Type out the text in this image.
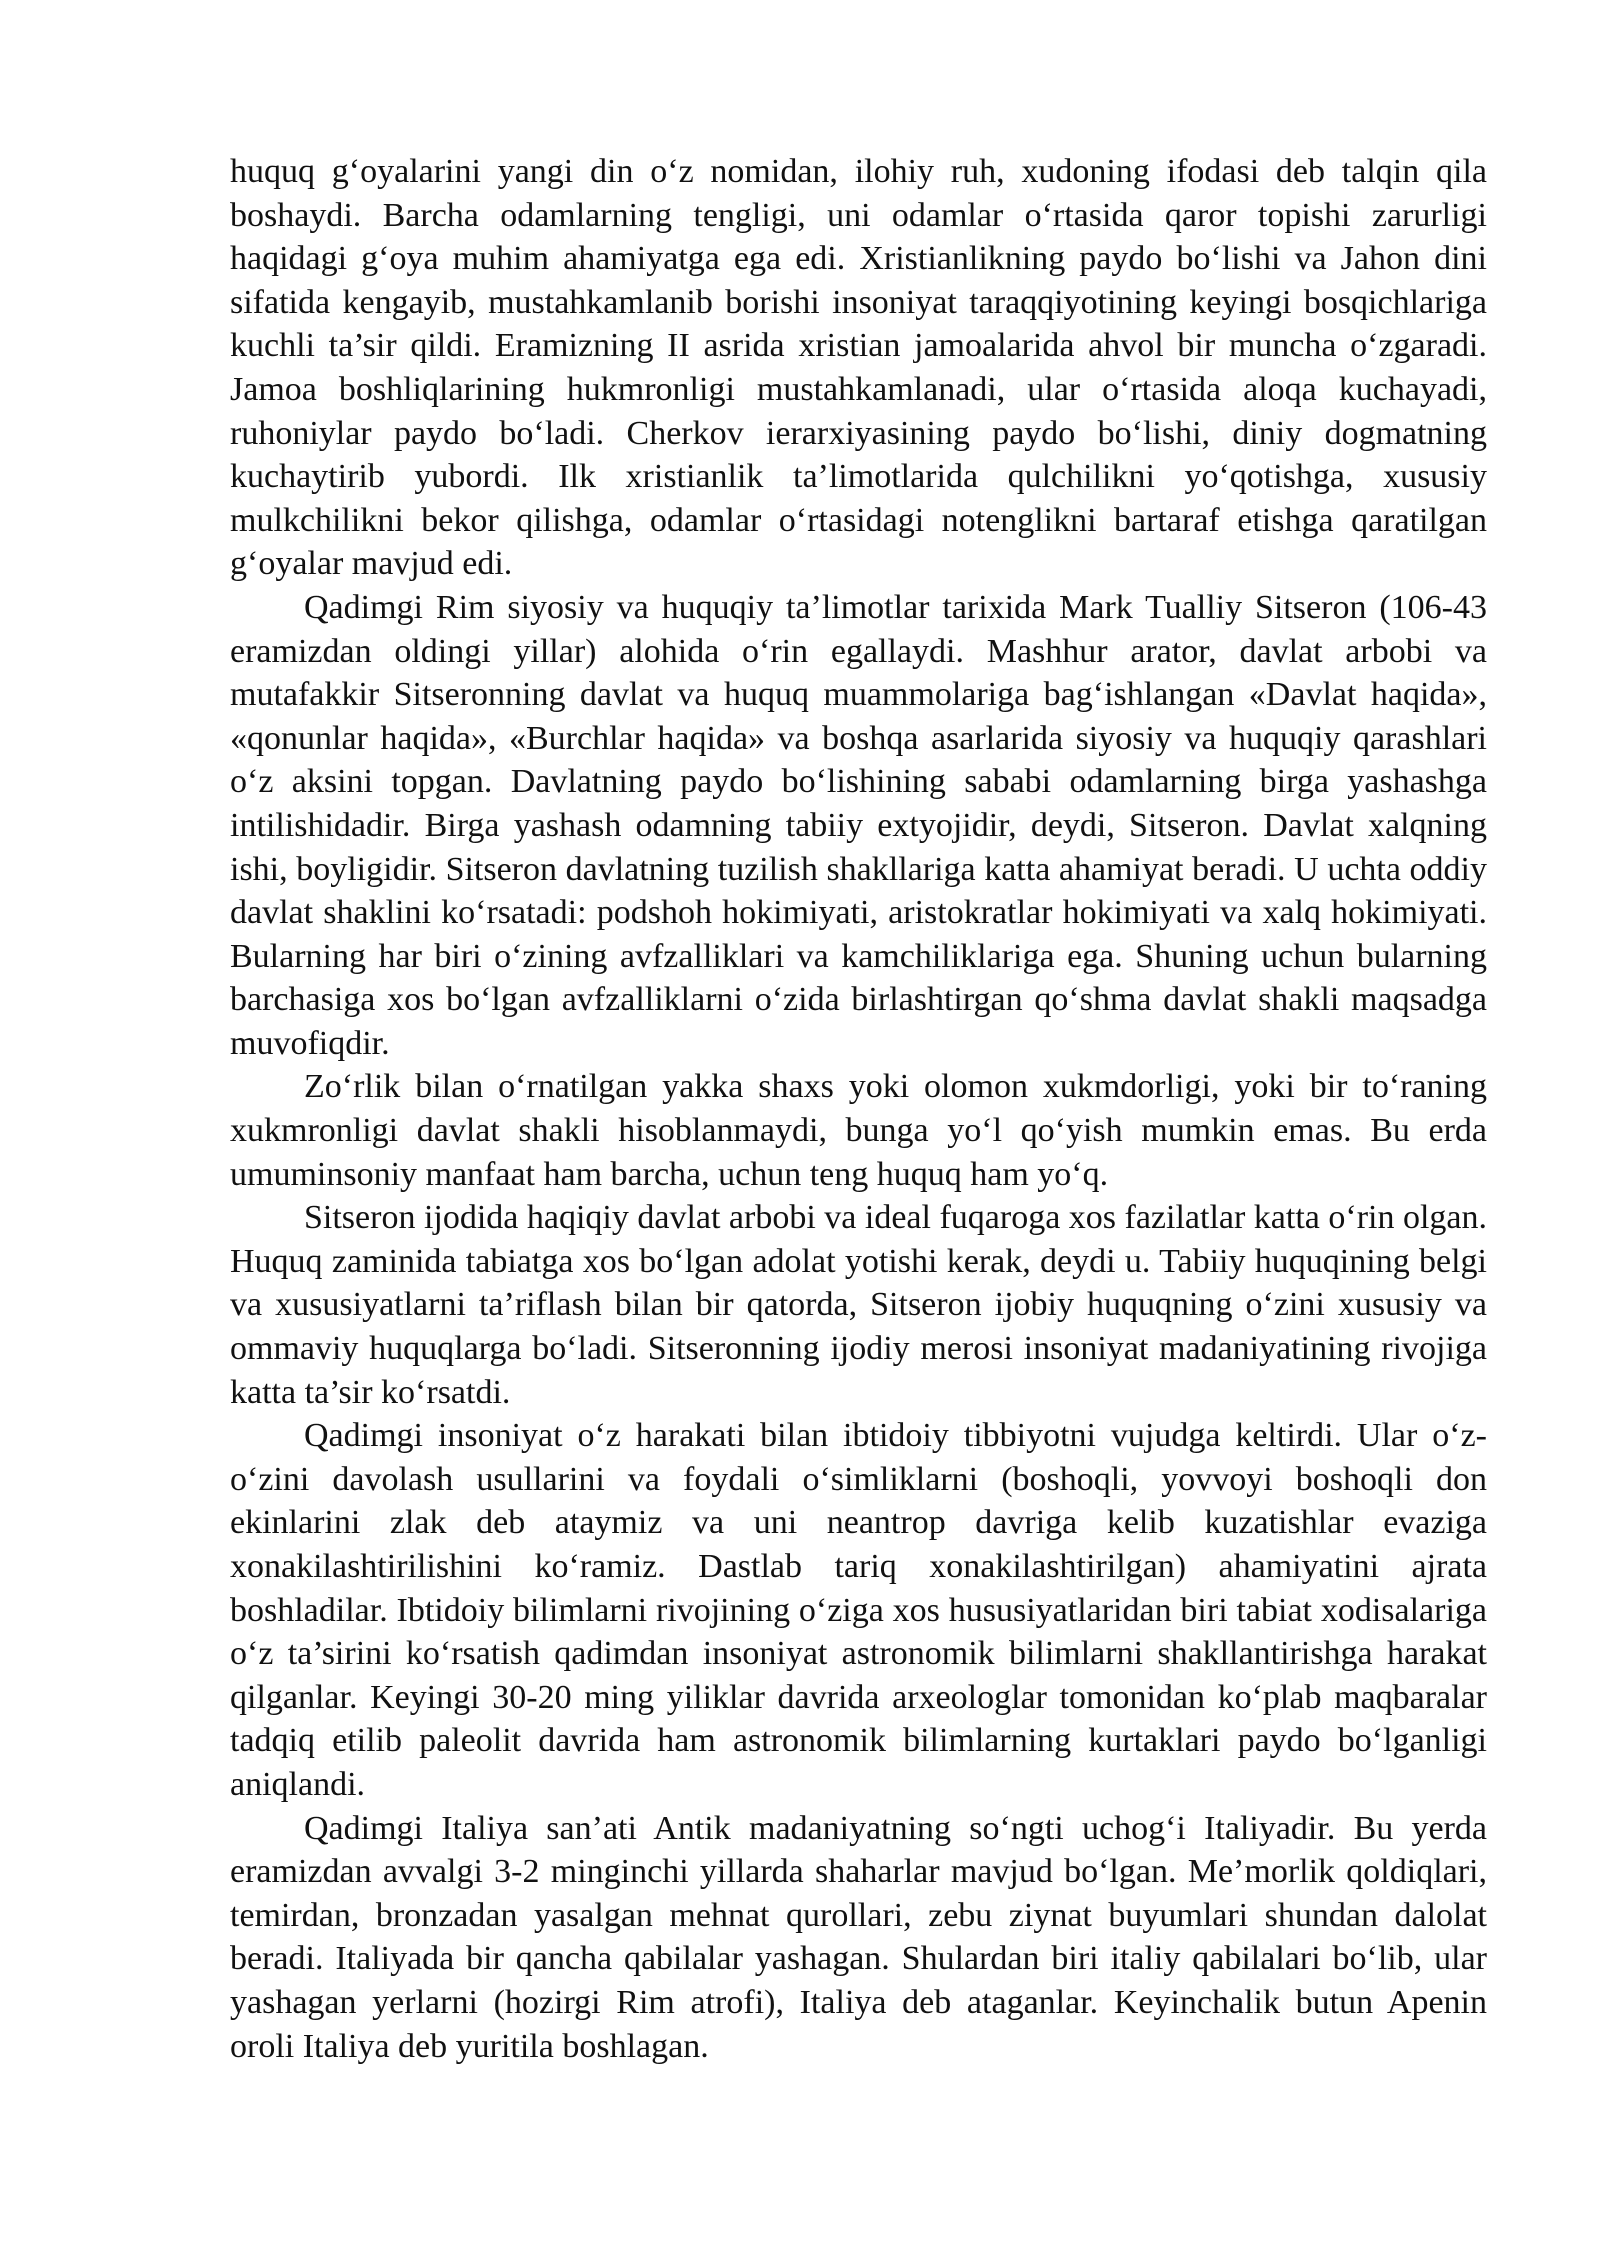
huquq g‘oyalarini yangi din o‘z nomidan, ilohiy ruh, xudoning ifodasi deb talqin qila boshaydi. Barcha odamlarning tengligi, uni odamlar o‘rtasida qaror topishi zarurligi haqidagi g‘oya muhim ahamiyatga ega edi. Xristianlikning paydo bo‘lishi va Jahon dini sifatida kengayib, mustahkamlanib borishi insoniyat taraqqiyotining keyingi bosqichlariga kuchli ta’sir qildi. Eramizning II asrida xristian jamoalarida ahvol bir muncha o‘zgaradi. Jamoa boshliqlarining hukmronligi mustahkamlanadi, ular o‘rtasida aloqa kuchayadi, ruhoniylar paydo bo‘ladi. Cherkov ierarxiyasining paydo bo‘lishi, diniy dogmatning kuchaytirib yubordi. Ilk xristianlik ta’limotlarida qulchilikni yo‘qotishga, xususiy mulkchilikni bekor qilishga, odamlar o‘rtasidagi notenglikni bartaraf etishga qaratilgan g‘oyalar mavjud edi.

Qadimgi Rim siyosiy va huquqiy ta’limotlar tarixida Mark Tualliy Sitseron (106-43 eramizdan oldingi yillar) alohida o‘rin egallaydi. Mashhur arator, davlat arbobi va mutafakkir Sitseronning davlat va huquq muammolariga bag‘ishlangan «Davlat haqida», «qonunlar haqida», «Burchlar haqida» va boshqa asarlarida siyosiy va huquqiy qarashlari o‘z aksini topgan. Davlatning paydo bo‘lishining sababi odamlarning birga yashashga intilishidadir. Birga yashash odamning tabiiy extyojidir, deydi, Sitseron. Davlat xalqning ishi, boyligidir. Sitseron davlatning tuzilish shakllariga katta ahamiyat beradi. U uchta oddiy davlat shaklini ko‘rsatadi: podshoh hokimiyati, aristokratlar hokimiyati va xalq hokimiyati. Bularning har biri o‘zining avfzalliklari va kamchiliklariga ega. Shuning uchun bularning barchasiga xos bo‘lgan avfzalliklarni o‘zida birlashtirgan qo‘shma davlat shakli maqsadga muvofiqdir.

Zo‘rlik bilan o‘rnatilgan yakka shaxs yoki olomon xukmdorligi, yoki bir to‘raning xukmronligi davlat shakli hisoblanmaydi, bunga yo‘l qo‘yish mumkin emas. Bu erda umuminsoniy manfaat ham barcha, uchun teng huquq ham yo‘q.

Sitseron ijodida haqiqiy davlat arbobi va ideal fuqaroga xos fazilatlar katta o‘rin olgan. Huquq zaminida tabiatga xos bo‘lgan adolat yotishi kerak, deydi u. Tabiiy huquqining belgi va xususiyatlarni ta’riflash bilan bir qatorda, Sitseron ijobiy huquqning o‘zini xususiy va ommaviy huquqlarga bo‘ladi. Sitseronning ijodiy merosi insoniyat madaniyatining rivojiga katta ta’sir ko‘rsatdi.

Qadimgi insoniyat o‘z harakati bilan ibtidoiy tibbiyotni vujudga keltirdi. Ular o‘z-o‘zini davolash usullarini va foydali o‘simliklarni (boshoqli, yovvoyi boshoqli don ekinlarini zlak deb ataymiz va uni neantrop davriga kelib kuzatishlar evaziga xonakilashtirilishini ko‘ramiz. Dastlab tariq xonakilashtirilgan) ahamiyatini ajrata boshladilar. Ibtidoiy bilimlarni rivojining o‘ziga xos hususiyatlaridan biri tabiat xodisalariga o‘z ta’sirini ko‘rsatish qadimdan insoniyat astronomik bilimlarni shakllantirishga harakat qilganlar. Keyingi 30-20 ming yiliklar davrida arxeologlar tomonidan ko‘plab maqbaralar tadqiq etilib paleolit davrida ham astronomik bilimlarning kurtaklari paydo bo‘lganligi aniqlandi.

Qadimgi Italiya san’ati Antik madaniyatning so‘ngti uchog‘i Italiyadir. Bu yerda eramizdan avvalgi 3-2 minginchi yillarda shaharlar mavjud bo‘lgan. Me’morlik qoldiqlari, temirdan, bronzadan yasalgan mehnat qurollari, zebu ziynat buyumlari shundan dalolat beradi. Italiyada bir qancha qabilalar yashagan. Shulardan biri italiy qabilalari bo‘lib, ular yashagan yerlarni (hozirgi Rim atrofi), Italiya deb ataganlar. Keyinchalik butun Apenin oroli Italiya deb yuritila boshlagan.
